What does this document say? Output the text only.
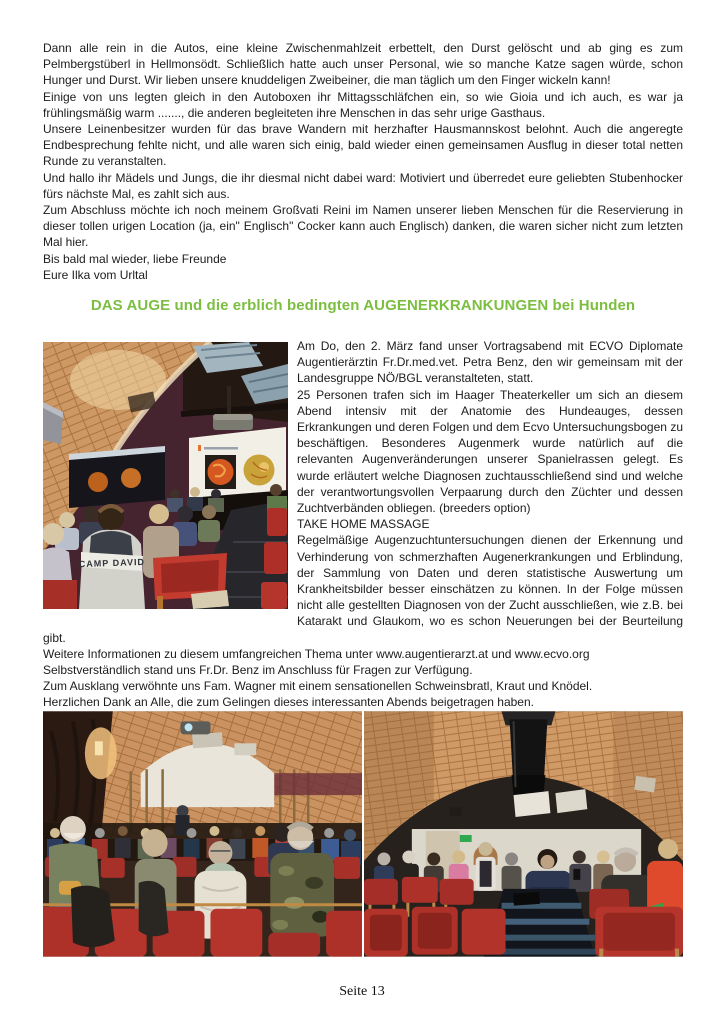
Dann alle rein in die Autos, eine kleine Zwischenmahlzeit erbettelt, den Durst gelöscht und ab ging es zum Pelmbergstüberl in Hellmonsödt. Schließlich hatte auch unser Personal, wie so manche Katze sagen würde, schon Hunger und Durst. Wir lieben unsere knuddeligen Zweibeiner, die man täglich um den Finger wickeln kann!

Einige von uns legten gleich in den Autoboxen ihr Mittagsschläfchen ein, so wie Gioia und ich auch, es war ja frühlingsmäßig warm ......., die anderen begleiteten ihre Menschen in das sehr urige Gasthaus.

Unsere Leinenbesitzer wurden für das brave Wandern mit herzhafter Hausmannskost belohnt. Auch die angeregte Endbesprechung fehlte nicht, und alle waren sich einig, bald wieder einen gemeinsamen Ausflug in dieser total netten Runde zu veranstalten.

Und hallo ihr Mädels und Jungs, die ihr diesmal nicht dabei ward: Motiviert und überredet eure geliebten Stubenhocker fürs nächste Mal, es zahlt sich aus.

Zum Abschluss möchte ich noch meinem Großvati Reini im Namen unserer lieben Menschen für die Reservierung in dieser tollen urigen Location (ja, ein" Englisch" Cocker kann auch Englisch) danken, die waren sicher nicht zum letzten Mal hier.

Bis bald mal wieder, liebe Freunde

Eure Ilka vom Urltal

DAS AUGE und die erblich bedingten AUGENERKRANKUNGEN bei Hunden
CAMP DAVID

Am Do, den 2. März fand unser Vortragsabend mit ECVO Diplomate Augentierärztin Fr.Dr.med.vet. Petra Benz, den wir gemeinsam mit der Landesgruppe NÖ/BGL veranstalteten, statt.

25 Personen trafen sich im Haager Theaterkeller um sich an diesem Abend intensiv mit der Anatomie des Hundeauges, dessen Erkrankungen und deren Folgen und dem Ecvo Untersuchungsbogen zu beschäftigen. Besonderes Augenmerk wurde natürlich auf die relevanten Augenveränderungen unserer Spanielrassen gelegt. Es wurde erläutert welche Diagnosen zuchtausschließend sind und welche der verantwortungsvollen Verpaarung durch den Züchter und dessen Zuchtverbänden obliegen. (breeders option)

TAKE HOME MASSAGE

Regelmäßige Augenzuchtuntersuchungen dienen der Erkennung und Verhinderung von schmerzhaften Augenerkrankungen und Erblindung, der Sammlung von Daten und deren statistische Auswertung um Krankheitsbilder besser einschätzen zu können. In der Folge müssen nicht alle gestellten Diagnosen von der Zucht ausschließen, wie z.B. bei Katarakt und Glaukom, wo es schon Neuerungen bei der Beurteilung gibt.

Weitere Informationen zu diesem umfangreichen Thema unter www.augentierarzt.at und www.ecvo.org

Selbstverständlich stand uns Fr.Dr. Benz im Anschluss für Fragen zur Verfügung.

Zum Ausklang verwöhnte uns Fam. Wagner mit einem sensationellen Schweinsbratl, Kraut und Knödel.

Herzlichen Dank an Alle, die zum Gelingen dieses interessanten Abends beigetragen haben.

Seite 13
